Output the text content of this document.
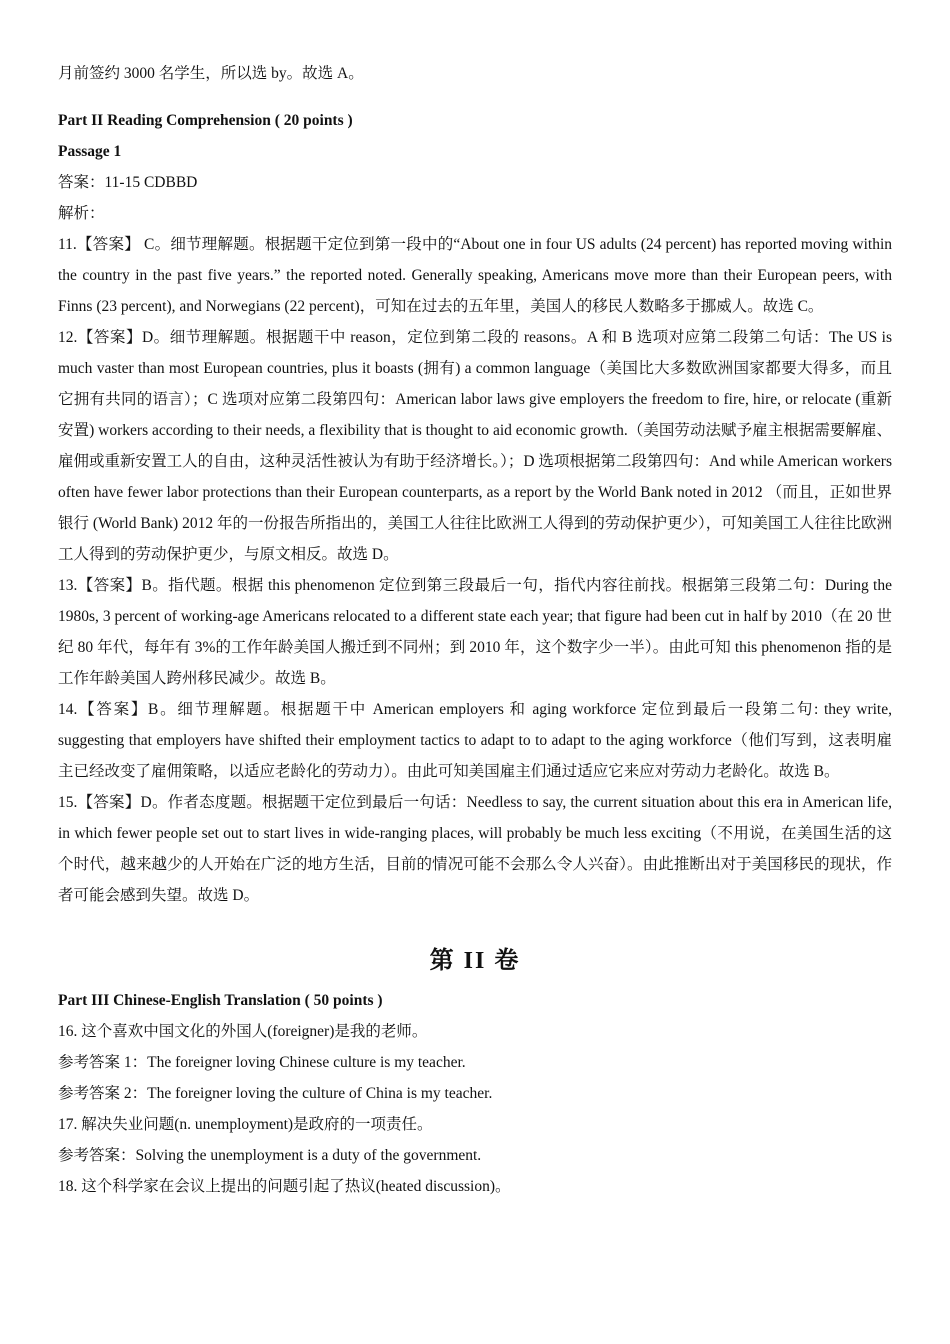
月前签约 3000 名学生，所以选 by。故选 A。

Part II Reading Comprehension ( 20 points )

Passage 1

答案：11-15 CDBBD

解析：

11.【答案】 C。细节理解题。根据题干定位到第一段中的“About one in four US adults (24 percent) has reported moving within the country in the past five years.” the reported noted. Generally speaking, Americans move more than their European peers, with Finns (23 percent), and Norwegians (22 percent)，可知在过去的五年里，美国人的移民人数略多于挪威人。故选 C。

12.【答案】D。细节理解题。根据题干中 reason，定位到第二段的 reasons。A 和 B 选项对应第二段第二句话：The US is much vaster than most European countries, plus it boasts (拥有) a common language（美国比大多数欧洲国家都要大得多，而且它拥有共同的语言）；C 选项对应第二段第四句：American labor laws give employers the freedom to fire, hire, or relocate (重新安置) workers according to their needs, a flexibility that is thought to aid economic growth.（美国劳动法赋予雇主根据需要解雇、雇佣或重新安置工人的自由，这种灵活性被认为有助于经济增长。）；D 选项根据第二段第四句：And while American workers often have fewer labor protections than their European counterparts, as a report by the World Bank noted in 2012 （而且，正如世界银行 (World Bank) 2012 年的一份报告所指出的，美国工人往往比欧洲工人得到的劳动保护更少），可知美国工人往往比欧洲工人得到的劳动保护更少，与原文相反。故选 D。

13.【答案】B。指代题。根据 this phenomenon 定位到第三段最后一句，指代内容往前找。根据第三段第二句：During the 1980s, 3 percent of working-age Americans relocated to a different state each year; that figure had been cut in half by 2010（在 20 世纪 80 年代，每年有 3%的工作年龄美国人搬迁到不同州；到 2010 年，这个数字少一半）。由此可知 this phenomenon 指的是工作年龄美国人跨州移民减少。故选 B。

14.【答案】B。细节理解题。根据题干中 American employers 和 aging workforce 定位到最后一段第二句: they write, suggesting that employers have shifted their employment tactics to adapt to to adapt to the aging workforce（他们写到，这表明雇主已经改变了雇佣策略，以适应老龄化的劳动力）。由此可知美国雇主们通过适应它来应对劳动力老龄化。故选 B。

15.【答案】D。作者态度题。根据题干定位到最后一句话：Needless to say, the current situation about this era in American life, in which fewer people set out to start lives in wide-ranging places, will probably be much less exciting（不用说，在美国生活的这个时代，越来越少的人开始在广泛的地方生活，目前的情况可能不会那么令人兴奋）。由此推断出对于美国移民的现状，作者可能会感到失望。故选 D。

第 II 卷

Part III Chinese-English Translation ( 50 points )

16. 这个喜欢中国文化的外国人(foreigner)是我的老师。

参考答案 1：The foreigner loving Chinese culture is my teacher.

参考答案 2：The foreigner loving the culture of China is my teacher.

17. 解决失业问题(n. unemployment)是政府的一项责任。

参考答案：Solving the unemployment is a duty of the government.

18. 这个科学家在会议上提出的问题引起了热议(heated discussion)。
